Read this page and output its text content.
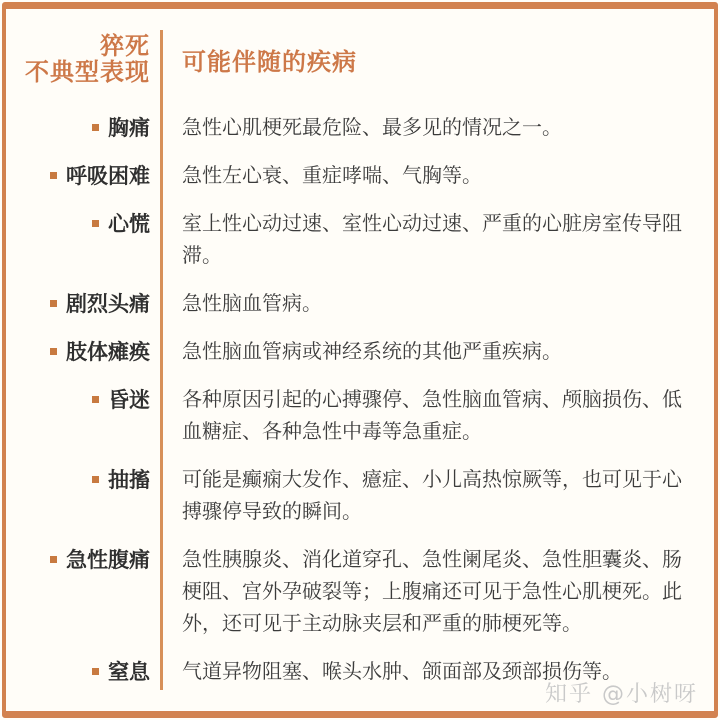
猝死
不典型表现 可能伴随的疾病
胸痛 急性心肌梗死最危险、最多见的情况之一。
呼吸困难 急性左心衰、重症哮喘、气胸等。
心慌 室上性心动过速、室性心动过速、严重的心脏房室传导阻滞。
剧烈头痛 急性脑血管病。
肢体瘫痪 急性脑血管病或神经系统的其他严重疾病。
昏迷 各种原因引起的心搏骤停、急性脑血管病、颅脑损伤、低血糖症、各种急性中毒等急重症。
抽搐 可能是癫痫大发作、癔症、小儿高热惊厥等，也可见于心搏骤停导致的瞬间。
急性腹痛 急性胰腺炎、消化道穿孔、急性阑尾炎、急性胆囊炎、肠梗阻、宫外孕破裂等；上腹痛还可见于急性心肌梗死。此外，还可见于主动脉夹层和严重的肺梗死等。
窒息 气道异物阻塞、喉头水肿、颌面部及颈部损伤等。
知乎 @小树呀
